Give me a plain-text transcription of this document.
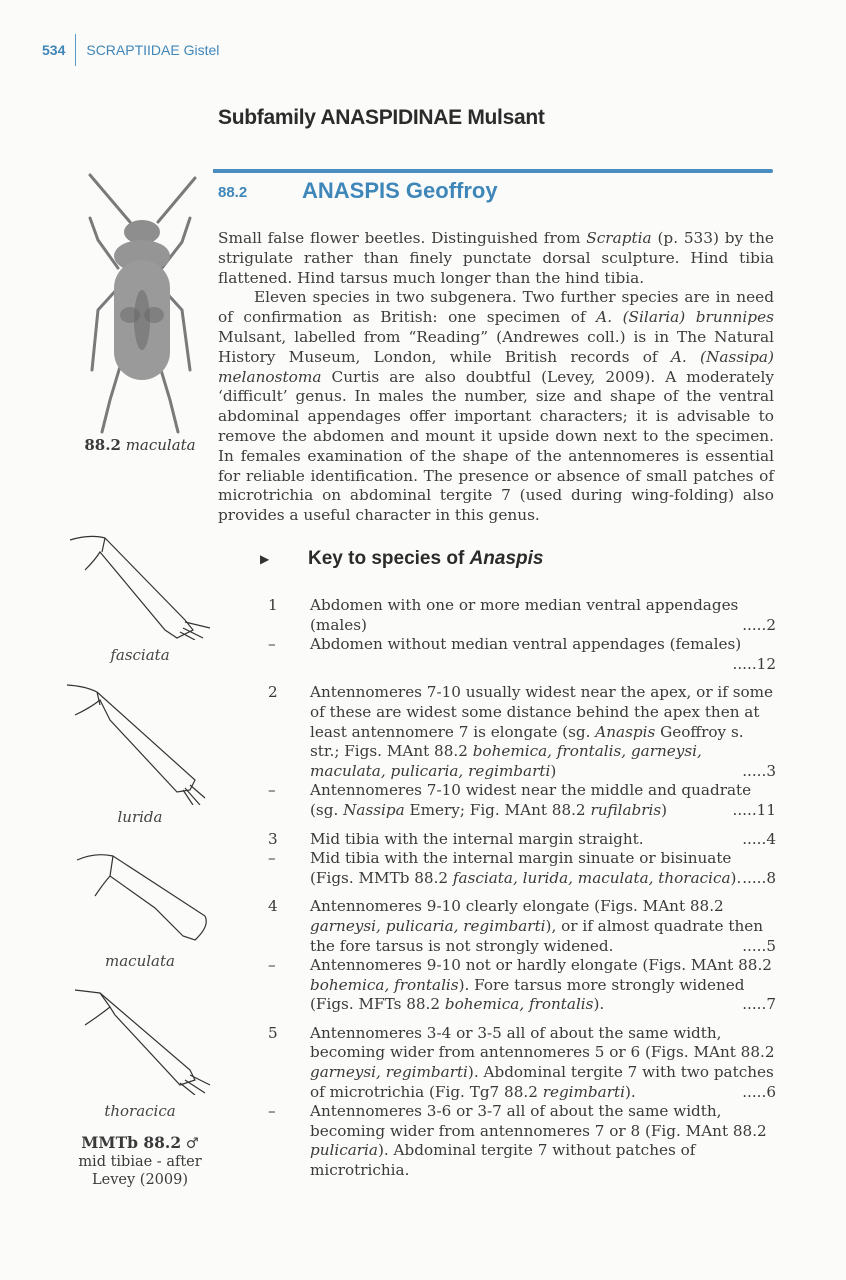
534	SCRAPTIIDAE Gistel
Subfamily ANASPIDINAE Mulsant
88.2 ANASPIS Geoffroy

Small false flower beetles. Distinguished from Scraptia (p. 533) by the strigulate rather than finely punctate dorsal sculpture. Hind tibia flattened. Hind tarsus much longer than the hind tibia.

Eleven species in two subgenera. Two further species are in need of confirmation as British: one specimen of A. (Silaria) brunnipes Mulsant, labelled from “Reading” (Andrewes coll.) is in The Natural History Museum, London, while British records of A. (Nassipa) melanostoma Curtis are also doubtful (Levey, 2009). A moderately ‘difficult’ genus. In males the number, size and shape of the ventral abdominal appendages offer important characters; it is advisable to remove the abdomen and mount it upside down next to the specimen. In females examination of the shape of the antennomeres is essential for reliable identification. The presence or absence of small patches of microtrichia on abdominal tergite 7 (used during wing-folding) also provides a useful character in this genus.

▶	Key to species of Anaspis
1	Abdomen with one or more median ventral appendages (males)	.....2
–	Abdomen without median ventral appendages (females)
.....12
2	Antennomeres 7-10 usually widest near the apex, or if some of these are widest some distance behind the apex then at least antennomere 7 is elongate (sg. Anaspis Geoffroy s. str.; Figs. MAnt 88.2 bohemica, frontalis, garneysi, maculata, pulicaria, regimbarti)	.....3
–	Antennomeres 7-10 widest near the middle and quadrate (sg. Nassipa Emery; Fig. MAnt 88.2 rufilabris)	.....11
3	Mid tibia with the internal margin straight.	.....4
–	Mid tibia with the internal margin sinuate or bisinuate (Figs. MMTb 88.2 fasciata, lurida, maculata, thoracica). .....8
4	Antennomeres 9-10 clearly elongate (Figs. MAnt 88.2 garneysi, pulicaria, regimbarti), or if almost quadrate then the fore tarsus is not strongly widened.	.....5
–	Antennomeres 9-10 not or hardly elongate (Figs. MAnt 88.2 bohemica, frontalis). Fore tarsus more strongly widened (Figs. MFTs 88.2 bohemica, frontalis).	.....7
5	Antennomeres 3-4 or 3-5 all of about the same width, becoming wider from antennomeres 5 or 6 (Figs. MAnt 88.2 garneysi, regimbarti). Abdominal tergite 7 with two patches of microtrichia (Fig. Tg7 88.2 regimbarti).	.....6
–	Antennomeres 3-6 or 3-7 all of about the same width, becoming wider from antennomeres 7 or 8 (Fig. MAnt 88.2 pulicaria). Abdominal tergite 7 without patches of microtrichia.
88.2 maculata
fasciata
lurida
maculata
thoracica
MMTb 88.2 ♂
mid tibiae - after
Levey (2009)
